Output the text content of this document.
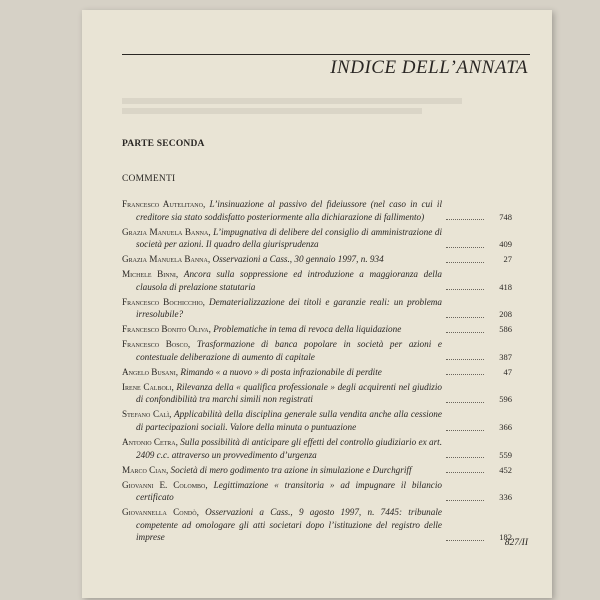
INDICE DELL’ANNATA
PARTE SECONDA
COMMENTI
Francesco Autelitano, L’insinuazione al passivo del fideiussore (nel caso in cui il creditore sia stato soddisfatto posteriormente alla dichiarazione di fallimento)	748
Grazia Manuela Banna, L’impugnativa di delibere del consiglio di amministrazione di società per azioni. Il quadro della giurisprudenza	409
Grazia Manuela Banna, Osservazioni a Cass., 30 gennaio 1997, n. 934	27
Michele Binni, Ancora sulla soppressione ed introduzione a maggioranza della clausola di prelazione statutaria	418
Francesco Bochicchio, Dematerializzazione dei titoli e garanzie reali: un problema irresolubile?	208
Francesco Bonito Oliva, Problematiche in tema di revoca della liquidazione	586
Francesco Bosco, Trasformazione di banca popolare in società per azioni e contestuale deliberazione di aumento di capitale	387
Angelo Busani, Rimando « a nuovo » di posta infrazionabile di perdite	47
Irene Calboli, Rilevanza della « qualifica professionale » degli acquirenti nel giudizio di confondibilità tra marchi simili non registrati	596
Stefano Calì, Applicabilità della disciplina generale sulla vendita anche alla cessione di partecipazioni sociali. Valore della minuta o puntuazione	366
Antonio Cetra, Sulla possibilità di anticipare gli effetti del controllo giudiziario ex art. 2409 c.c. attraverso un provvedimento d’urgenza	559
Marco Cian, Società di mero godimento tra azione in simulazione e Durchgriff	452
Giovanni E. Colombo, Legittimazione « transitoria » ad impugnare il bilancio certificato	336
Giovannella Condò, Osservazioni a Cass., 9 agosto 1997, n. 7445: tribunale competente ad omologare gli atti societari dopo l’istituzione del registro delle imprese	182
827/II
